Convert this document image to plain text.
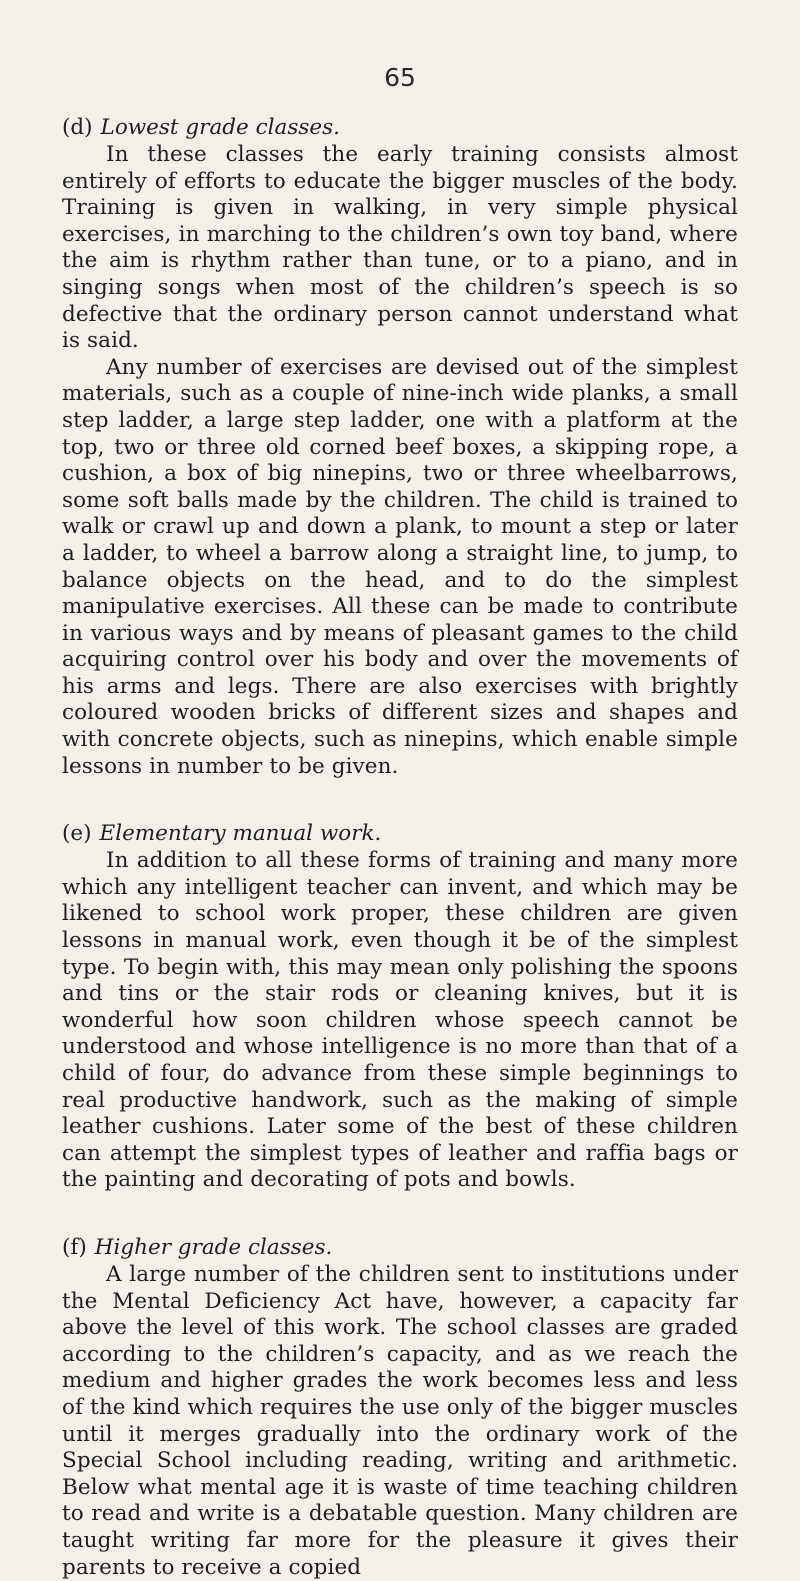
65
(d) Lowest grade classes.

In these classes the early training consists almost entirely of efforts to educate the bigger muscles of the body. Training is given in walking, in very simple physical exercises, in marching to the children’s own toy band, where the aim is rhythm rather than tune, or to a piano, and in singing songs when most of the children’s speech is so defective that the ordinary person cannot understand what is said.

Any number of exercises are devised out of the simplest materials, such as a couple of nine-inch wide planks, a small step ladder, a large step ladder, one with a platform at the top, two or three old corned beef boxes, a skipping rope, a cushion, a box of big ninepins, two or three wheelbarrows, some soft balls made by the children. The child is trained to walk or crawl up and down a plank, to mount a step or later a ladder, to wheel a barrow along a straight line, to jump, to balance objects on the head, and to do the simplest manipulative exercises. All these can be made to contribute in various ways and by means of pleasant games to the child acquiring control over his body and over the movements of his arms and legs. There are also exercises with brightly coloured wooden bricks of different sizes and shapes and with concrete objects, such as ninepins, which enable simple lessons in number to be given.

(e) Elementary manual work.

In addition to all these forms of training and many more which any intelligent teacher can invent, and which may be likened to school work proper, these children are given lessons in manual work, even though it be of the simplest type. To begin with, this may mean only polishing the spoons and tins or the stair rods or cleaning knives, but it is wonderful how soon children whose speech cannot be understood and whose intelligence is no more than that of a child of four, do advance from these simple beginnings to real productive handwork, such as the making of simple leather cushions. Later some of the best of these children can attempt the simplest types of leather and raffia bags or the painting and decorating of pots and bowls.

(f) Higher grade classes.

A large number of the children sent to institutions under the Mental Deficiency Act have, however, a capacity far above the level of this work. The school classes are graded according to the children’s capacity, and as we reach the medium and higher grades the work becomes less and less of the kind which requires the use only of the bigger muscles until it merges gradually into the ordinary work of the Special School including reading, writing and arithmetic. Below what mental age it is waste of time teaching children to read and write is a debatable question. Many children are taught writing far more for the pleasure it gives their parents to receive a copied
